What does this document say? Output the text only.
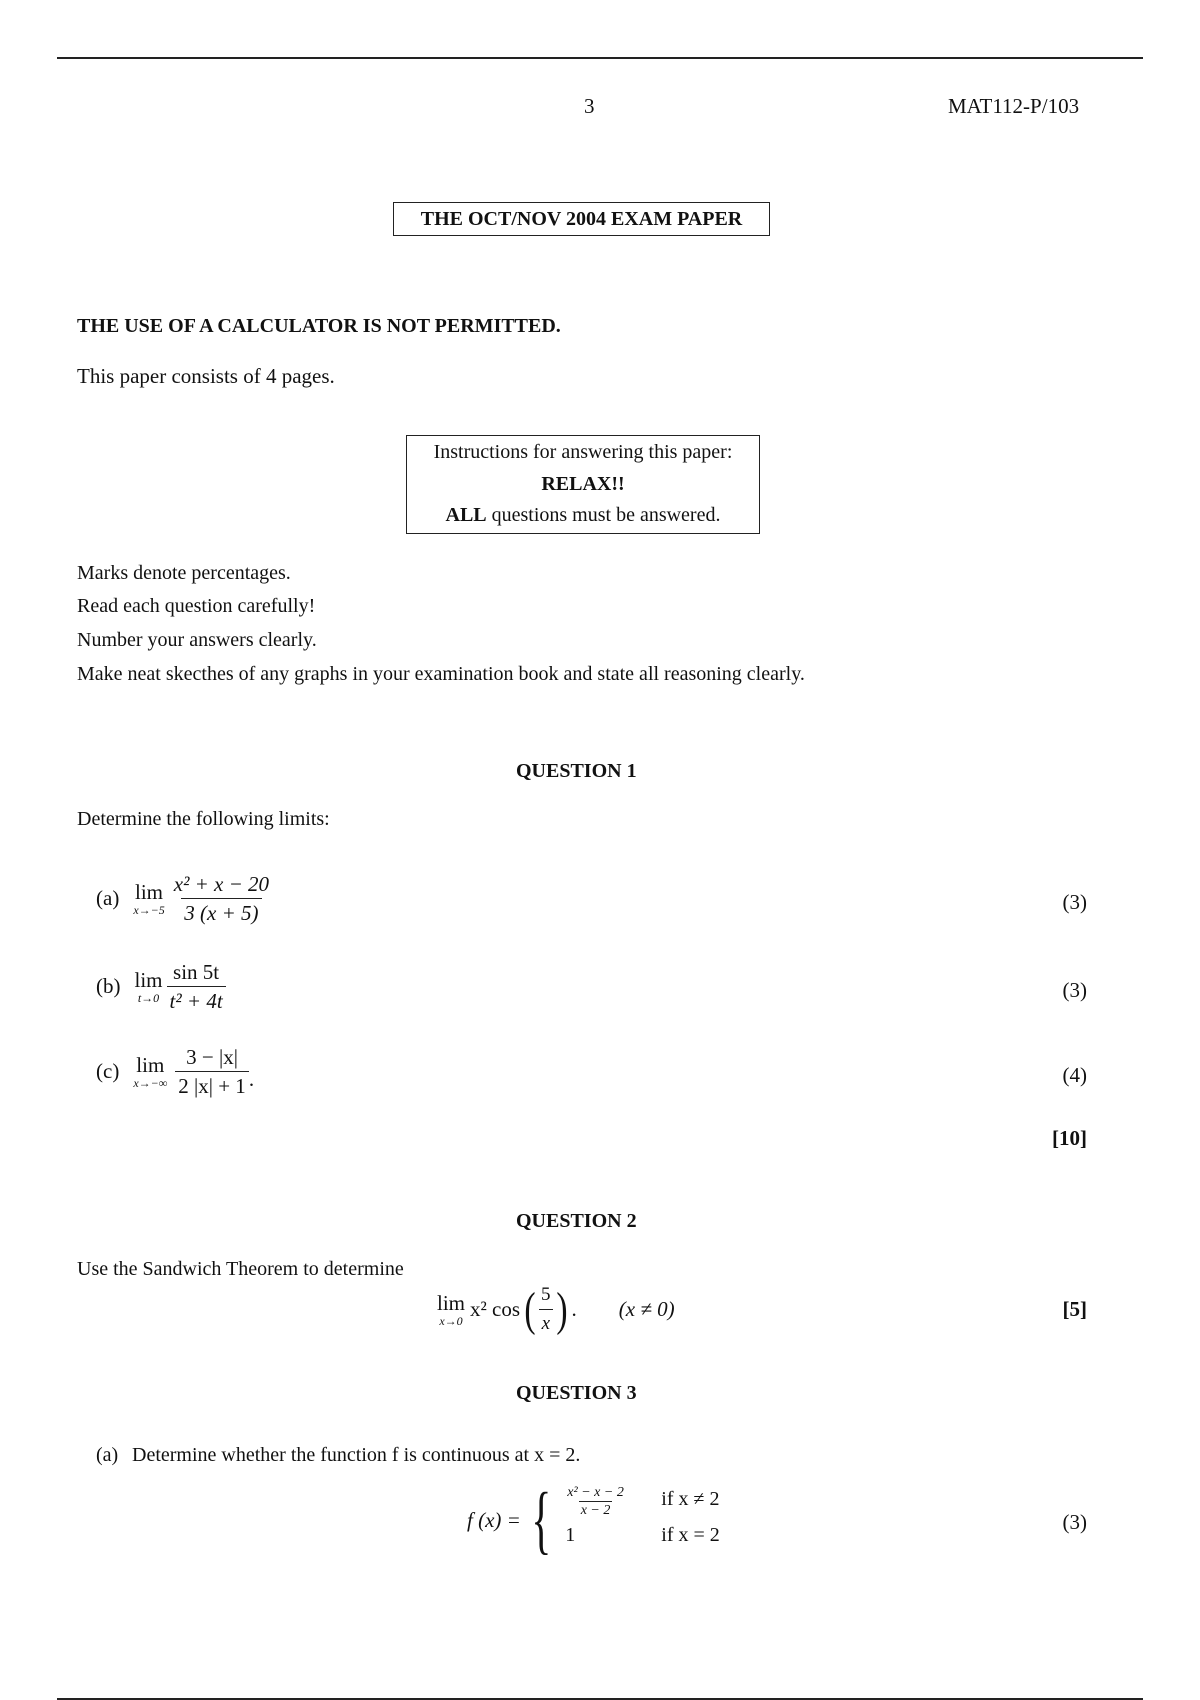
3	MAT112-P/103
THE OCT/NOV 2004 EXAM PAPER
THE USE OF A CALCULATOR IS NOT PERMITTED.
This paper consists of 4 pages.
Instructions for answering this paper:
RELAX!!
ALL questions must be answered.
Marks denote percentages.
Read each question carefully!
Number your answers clearly.
Make neat skecthes of any graphs in your examination book and state all reasoning clearly.
QUESTION 1
Determine the following limits:
(a) lim
$x\to-5 \frac{\text{x² + x − 20}}{3 (x + 5)}$	(3)
(b) lim
$t\to 0 \frac{\sin 5t}{\text{t² + 4t}}$	(3)
(c) lim
$x\to-\infty \frac{3 - |x|}{2 |x| + 1}$ .	(4)
[10]
QUESTION 2
Use the Sandwich Theorem to determine
lim
x→0 x² cos ( $\frac{5}{x}$ ) . (x ≠ 0)	[5]
QUESTION 3
(a) Determine whether the function f is continuous at x = 2.
f (x) = { $\frac{\text{x² − x − 2}}{x - 2}$ if x ≠ 2
1	if x = 2
(3)
